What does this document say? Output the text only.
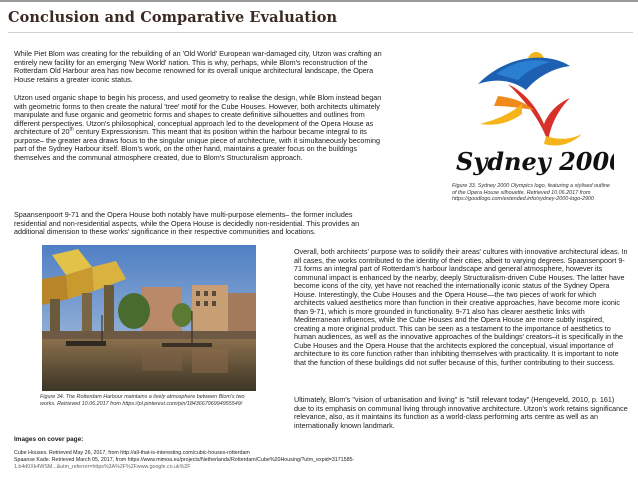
Conclusion and Comparative Evaluation

While Piet Blom was creating for the rebuilding of an 'Old World' European war-damaged city, Utzon was crafting an entirely new facility for an emerging 'New World' nation. This is why, perhaps, while Blom's reconstruction of the Rotterdam Old Harbour area has now become renowned for its overall unique architectural landscape, the Opera House retains a greater iconic status.

Utzon used organic shape to begin his process, and used geometry to realise the design, while Blom instead began with geometric forms to then create the natural 'tree' motif for the Cube Houses. However, both architects ultimately manipulate and fuse organic and geometric forms and shapes to create definitive silhouettes and outlines from different perspectives. Utzon's philosophical, conceptual approach led to the development of the Opera House as architecture of 20th century Expressionism. This meant that its position within the harbour became integral to its purpose– the greater area draws focus to the singular unique piece of architecture, with it simultaneously becoming part of the Sydney Harbour itself. Blom's work, on the other hand, maintains a greater focus on the buildings themselves and the communal atmosphere created, due to Blom's Structuralism approach.

Spaansenpoort 9-71 and the Opera House both notably have multi-purpose elements– the former includes residential and non-residential aspects, while the Opera House is decidedly non-residential. This provides an additional dimension to these works' significance in their respective communities and locations.

Sydney 2000

Figure 33. Sydney 2000 Olympics logo, featuring a stylised outline of the Opera House silhouette. Retrieved 10.06.2017 from https://goodlogo.com/extended.info/sydney-2000-logo-2900

Figure 34. The Rotterdam Harbour maintains a lively atmosphere between Blom's two works. Retrieved 10.06.2017 from https://pl.pinterest.com/pin/184366796994955549/

Overall, both architects' purpose was to solidify their areas' cultures with innovative architectural ideas. In all cases, the works contributed to the identity of their cities, albeit to varying degrees. Spaansenpoort 9-71 forms an integral part of Rotterdam's harbour landscape and general atmosphere, however its communal impact is enhanced by the nearby, deeply Structuralism-driven Cube Houses. The latter have become icons of the city, yet have not reached the internationally iconic status of the Sydney Opera House. Interestingly, the Cube Houses and the Opera House—the two pieces of work for which architects valued aesthetics more than function in their creative approaches, have become more iconic than 9-71, which is more grounded in functionality. 9-71 also has clearer aesthetic links with Mediterranean influences, while the Cube Houses and the Opera House are more subtly inspired, creating a more original product. This can be seen as a testament to the importance of aesthetics to human audiences, as well as the innovative approaches of the buildings' creators–it is specifically in the Cube Houses and the Opera House that the architects explored the conceptual, visual importance of architecture to its core function rather than inhibiting themselves with practicality. It is important to note that the function of these buildings did not suffer because of this, further contributing to their success.

Ultimately, Blom's "vision of urbanisation and living" is "still relevant today" (Hengeveld, 2010, p. 161) due to its emphasis on communal living through innovative architecture. Utzon's work retains significance relevance, also, as it maintains its function as a world-class performing arts centre as well as an internationally known landmark.

Images on cover page:
Cube Houses. Retrieved May 26, 2017, from http://all-that-is-interesting.com/cubic-houses-rotterdam
Spaanse Kade. Retrieved March 05, 2017, from https://www.mimoa.eu/projects/Netherlands/Rotterdam/Cube%20Housing/?utm_expid=3171585-
1.b4d0Xk4WSM...&utm_referrer=https%3A%2F%2Fwww.google.co.uk%2F
